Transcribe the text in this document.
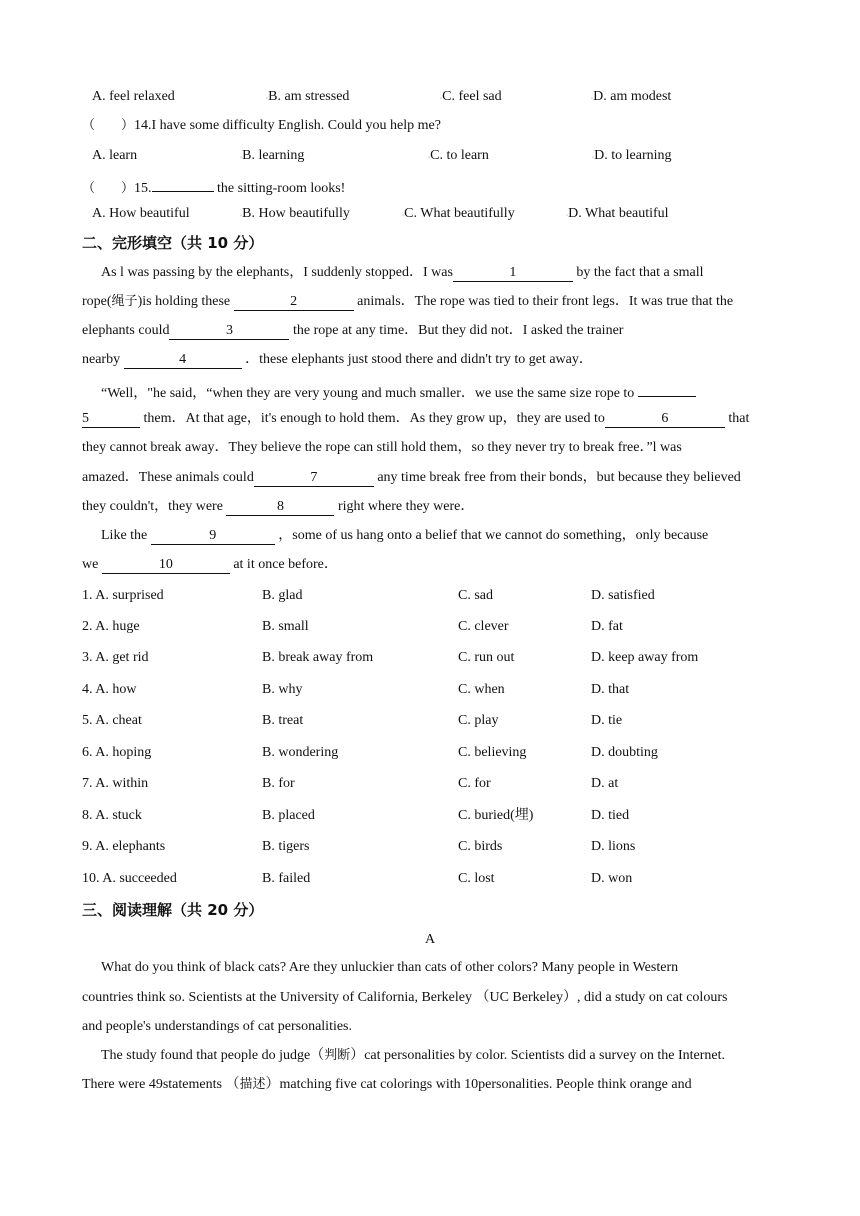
A. feel relaxed	◦B. am stressed	◦C. feel sad	◦D. am modest
（　　）14.I have some difficulty English. Could you help me?
A. learn	◦B. learning	◦C. to learn	◦D. to learning
（　　）15.	the sitting-room looks!
A. How beautiful	◦B. How beautifully	◦C. What beautifully	◦D. What beautiful
二、完形填空（共 10 分）
As l was passing by the elephants，I suddenly stopped．I was	1	by the fact that a small
rope(绳子)is holding these	2	animals．The rope was tied to their front legs．It was true that the
elephants could	3	the rope at any time．But they did not．I asked the trainer
nearby	4	．these elephants just stood there and didn't try to get away．
“Well，"he said，“when they are very young and much smaller．we use the same size rope to
5	them．At that age，it's enough to hold them．As they grow up，they are used to	6	that
they cannot break away．They believe the rope can still hold them，so they never try to break free．”l was
amazed．These animals could	7	any time break free from their bonds，but because they believed
they couldn't，they were	8	right where they were．
Like the	9	，some of us hang onto a belief that we cannot do something，only because
we	10	at it once before．
1. A. surprised	B. glad	C. sad	D. satisfied
2. A. huge	B. small	C. clever	D. fat
3. A. get rid	B. break away from	C. run out	D. keep away from
4. A. how	B. why	C. when	D. that
5. A. cheat	B. treat	C. play	D. tie
6. A. hoping	B. wondering	C. believing	D. doubting
7. A. within	B. for	C. for	D. at
8. A. stuck	B. placed	C. buried(埋)	D. tied
9. A. elephants	B. tigers	C. birds	D. lions
10. A. succeeded	B. failed	C. lost	D. won
三、阅读理解（共 20 分）
A
What do you think of black cats? Are they unluckier than cats of other colors? Many people in Western
countries think so. Scientists at the University of California, Berkeley （UC Berkeley）, did a study on cat colours
and people's understandings of cat personalities.
The study found that people do judge（判断）cat personalities by color. Scientists did a survey on the Internet.
There were 49statements （描述）matching five cat colorings with 10personalities. People think orange and
